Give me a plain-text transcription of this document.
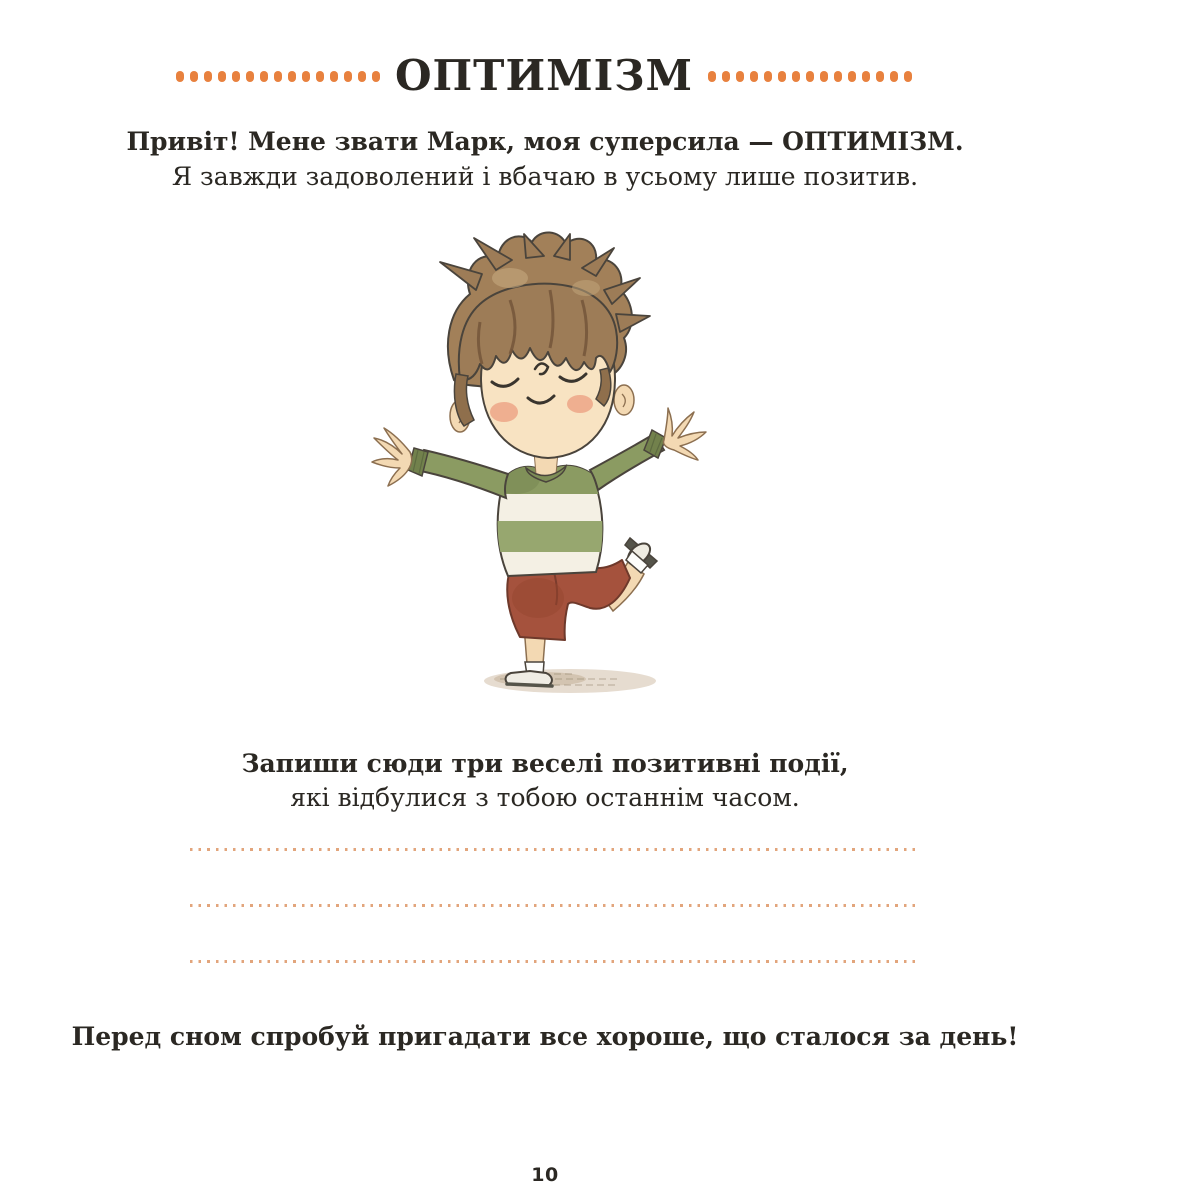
ОПТИМІЗМ
Привіт! Мене звати Марк, моя суперсила — ОПТИМІЗМ.
Я завжди задоволений і вбачаю в усьому лише позитив.
Запиши сюди три веселі позитивні події,
які відбулися з тобою останнім часом.
Перед сном спробуй пригадати все хороше, що сталося за день!
10
